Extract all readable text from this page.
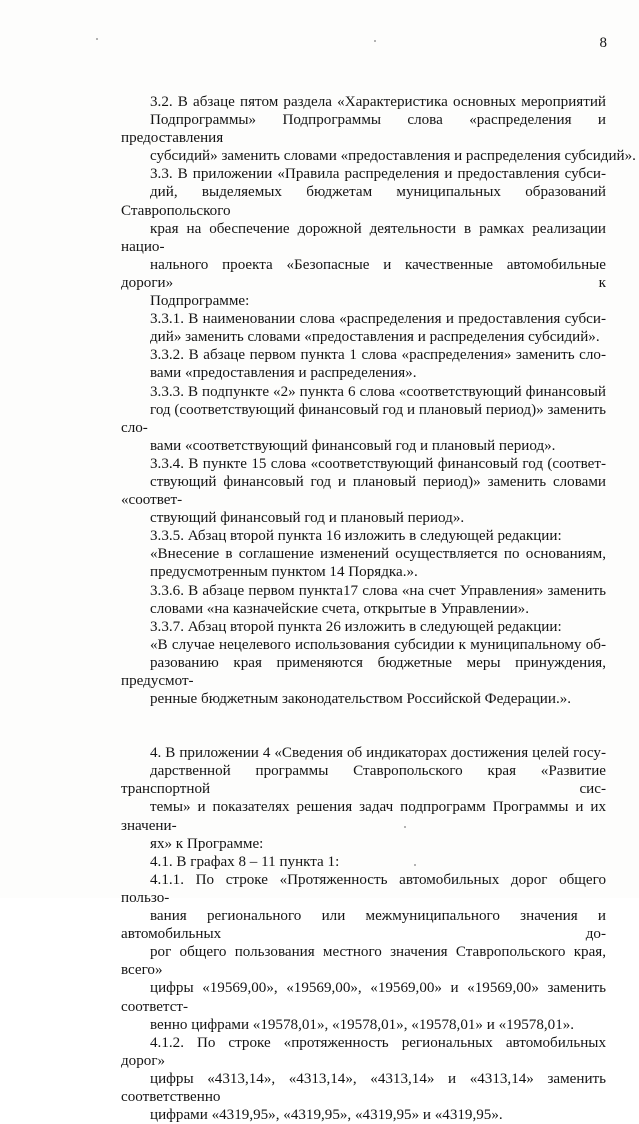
8

3.2. В абзаце пятом раздела «Характеристика основных мероприятий
Подпрограммы» Подпрограммы слова «распределения и предоставления
субсидий» заменить словами «предоставления и распределения субсидий».

3.3. В приложении «Правила распределения и предоставления субси-
дий, выделяемых бюджетам муниципальных образований Ставропольского
края на обеспечение дорожной деятельности в рамках реализации нацио-
нального проекта «Безопасные и качественные автомобильные дороги» к
Подпрограмме:

3.3.1. В наименовании слова «распределения и предоставления субси-
дий» заменить словами «предоставления и распределения субсидий».

3.3.2. В абзаце первом пункта 1 слова «распределения» заменить сло-
вами «предоставления и распределения».

3.3.3. В подпункте «2» пункта 6 слова «соответствующий финансовый
год (соответствующий финансовый год и плановый период)» заменить сло-
вами «соответствующий финансовый год и плановый период».

3.3.4. В пункте 15 слова «соответствующий финансовый год (соответ-
ствующий финансовый год и плановый период)» заменить словами «соответ-
ствующий финансовый год и плановый период».

3.3.5. Абзац второй пункта 16 изложить в следующей редакции:

«Внесение в соглашение изменений осуществляется по основаниям,
предусмотренным пунктом 14 Порядка.».

3.3.6. В абзаце первом пункта17 слова «на счет Управления» заменить
словами «на казначейские счета, открытые в Управлении».

3.3.7. Абзац второй пункта 26 изложить в следующей редакции:

«В случае нецелевого использования субсидии к муниципальному об-
разованию края применяются бюджетные меры принуждения, предусмот-
ренные бюджетным законодательством Российской Федерации.».

4. В приложении 4 «Сведения об индикаторах достижения целей госу-
дарственной программы Ставропольского края «Развитие транспортной сис-
темы» и показателях решения задач подпрограмм Программы и их значени-
ях» к Программе:

4.1. В графах 8 – 11 пункта 1:

4.1.1. По строке «Протяженность автомобильных дорог общего пользо-
вания регионального или межмуниципального значения и автомобильных до-
рог общего пользования местного значения Ставропольского края, всего»
цифры «19569,00», «19569,00», «19569,00» и «19569,00» заменить соответст-
венно цифрами «19578,01», «19578,01», «19578,01» и «19578,01».

4.1.2. По строке «протяженность региональных автомобильных дорог»
цифры «4313,14», «4313,14», «4313,14» и «4313,14» заменить соответственно
цифрами «4319,95», «4319,95», «4319,95» и «4319,95».
